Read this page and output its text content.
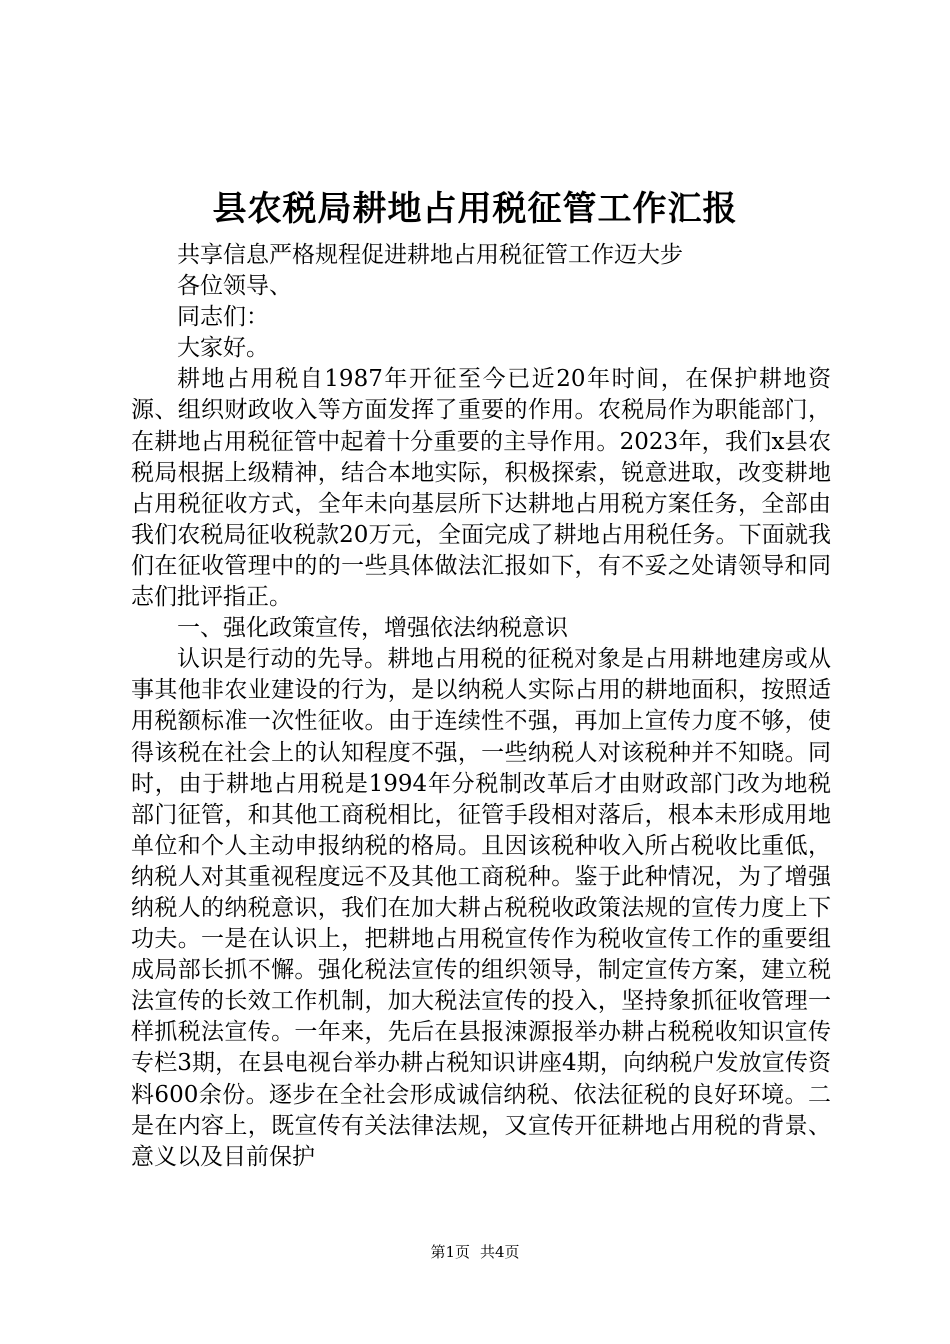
县农税局耕地占用税征管工作汇报

共享信息严格规程促进耕地占用税征管工作迈大步

各位领导、

同志们：

大家好。

耕地占用税自1987年开征至今已近20年时间，在保护耕地资源、组织财政收入等方面发挥了重要的作用。农税局作为职能部门，在耕地占用税征管中起着十分重要的主导作用。2023年，我们x县农税局根据上级精神，结合本地实际，积极探索，锐意进取，改变耕地占用税征收方式，全年未向基层所下达耕地占用税方案任务，全部由我们农税局征收税款20万元，全面完成了耕地占用税任务。下面就我们在征收管理中的的一些具体做法汇报如下，有不妥之处请领导和同志们批评指正。

一、强化政策宣传，增强依法纳税意识

认识是行动的先导。耕地占用税的征税对象是占用耕地建房或从事其他非农业建设的行为，是以纳税人实际占用的耕地面积，按照适用税额标准一次性征收。由于连续性不强，再加上宣传力度不够，使得该税在社会上的认知程度不强，一些纳税人对该税种并不知晓。同时，由于耕地占用税是1994年分税制改革后才由财政部门改为地税部门征管，和其他工商税相比，征管手段相对落后，根本未形成用地单位和个人主动申报纳税的格局。且因该税种收入所占税收比重低，纳税人对其重视程度远不及其他工商税种。鉴于此种情况，为了增强纳税人的纳税意识，我们在加大耕占税税收政策法规的宣传力度上下功夫。一是在认识上，把耕地占用税宣传作为税收宣传工作的重要组成局部长抓不懈。强化税法宣传的组织领导，制定宣传方案，建立税法宣传的长效工作机制，加大税法宣传的投入，坚持象抓征收管理一样抓税法宣传。一年来，先后在县报涑源报举办耕占税税收知识宣传专栏3期，在县电视台举办耕占税知识讲座4期，向纳税户发放宣传资料600余份。逐步在全社会形成诚信纳税、依法征税的良好环境。二是在内容上，既宣传有关法律法规，又宣传开征耕地占用税的背景、意义以及目前保护

第1页 共4页
